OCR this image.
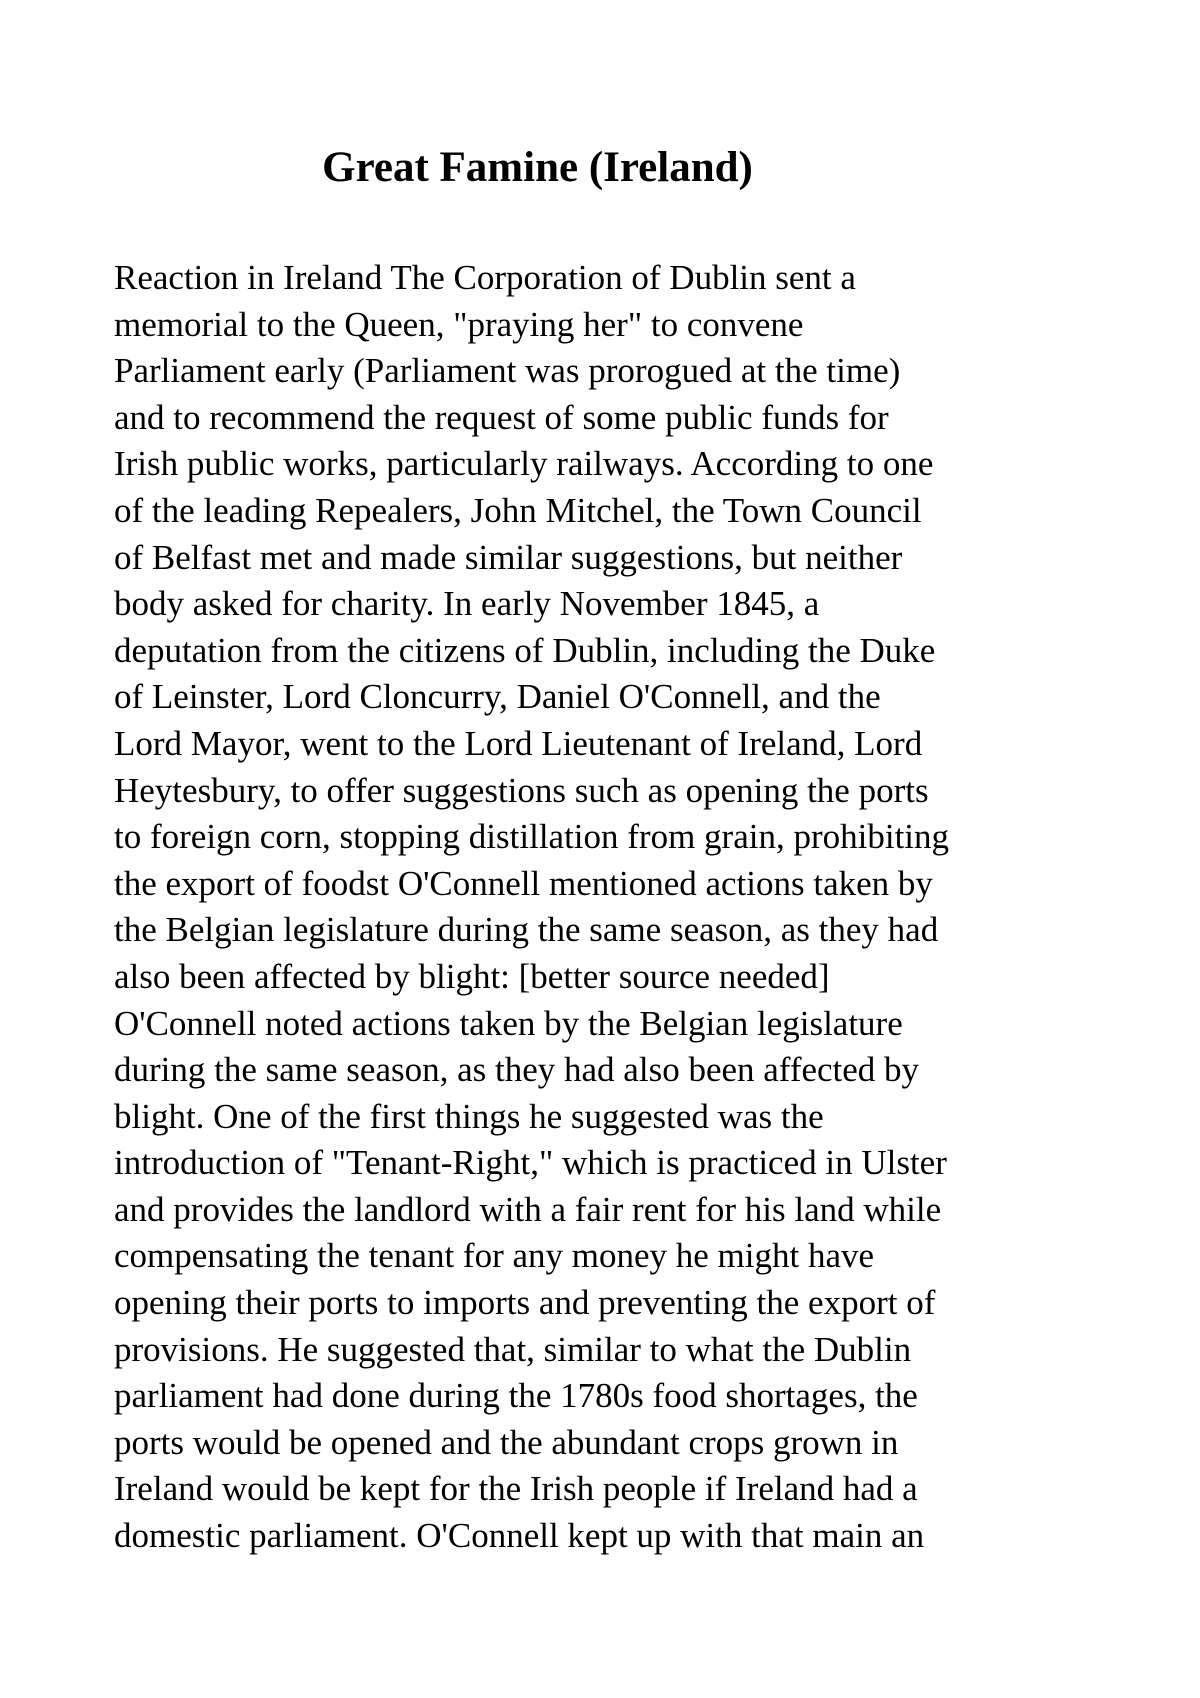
Great Famine (Ireland)
Reaction in Ireland The Corporation of Dublin sent a
memorial to the Queen, "praying her" to convene
Parliament early (Parliament was prorogued at the time)
and to recommend the request of some public funds for
Irish public works, particularly railways. According to one
of the leading Repealers, John Mitchel, the Town Council
of Belfast met and made similar suggestions, but neither
body asked for charity. In early November 1845, a
deputation from the citizens of Dublin, including the Duke
of Leinster, Lord Cloncurry, Daniel O'Connell, and the
Lord Mayor, went to the Lord Lieutenant of Ireland, Lord
Heytesbury, to offer suggestions such as opening the ports
to foreign corn, stopping distillation from grain, prohibiting
the export of foodst O'Connell mentioned actions taken by
the Belgian legislature during the same season, as they had
also been affected by blight: [better source needed]
O'Connell noted actions taken by the Belgian legislature
during the same season, as they had also been affected by
blight. One of the first things he suggested was the
introduction of "Tenant-Right," which is practiced in Ulster
and provides the landlord with a fair rent for his land while
compensating the tenant for any money he might have
opening their ports to imports and preventing the export of
provisions. He suggested that, similar to what the Dublin
parliament had done during the 1780s food shortages, the
ports would be opened and the abundant crops grown in
Ireland would be kept for the Irish people if Ireland had a
domestic parliament. O'Connell kept up with that main an
